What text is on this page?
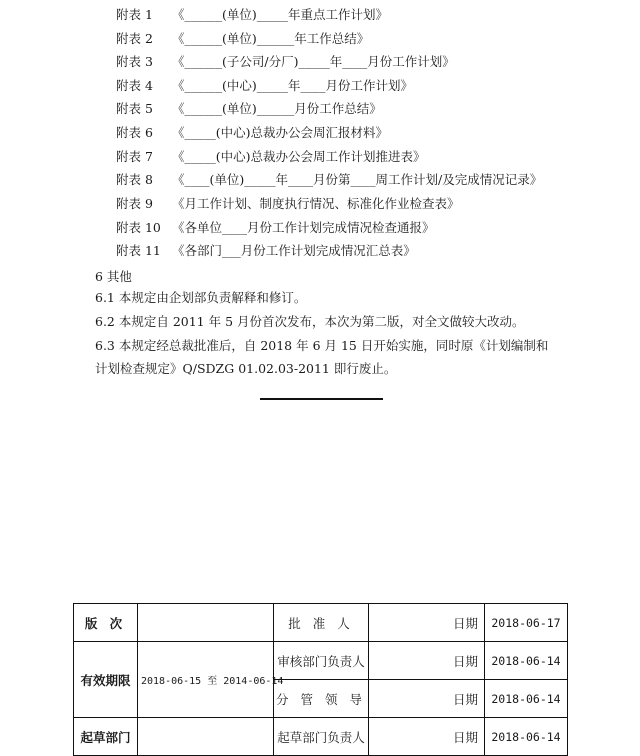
附表 1 《______(单位)_____年重点工作计划》
附表 2 《______(单位)______年工作总结》
附表 3 《______(子公司/分厂)_____年____月份工作计划》
附表 4 《______(中心)_____年____月份工作计划》
附表 5 《______(单位)______月份工作总结》
附表 6 《_____(中心)总裁办公会周汇报材料》
附表 7 《_____(中心)总裁办公会周工作计划推进表》
附表 8 《____(单位)_____年____月份第____周工作计划/及完成情况记录》
附表 9 《月工作计划、制度执行情况、标准化作业检查表》
附表 10 《各单位____月份工作计划完成情况检查通报》
附表 11 《各部门___月份工作计划完成情况汇总表》
6 其他
6.1 本规定由企划部负责解释和修订。
6.2 本规定自 2011 年 5 月份首次发布，本次为第二版，对全文做较大改动。
6.3 本规定经总裁批准后，自 2018 年 6 月 15 日开始实施，同时原《计划编制和
计划检查规定》Q/SDZG 01.02.03-2011 即行废止。
版 次		批 准 人	日期	2018-06-17
有效期限	2018-06-15 至 2014-06-14	审核部门负责人	日期	2018-06-14
		分 管 领 导	日期	2018-06-14
起草部门		起草部门负责人	日期	2018-06-14
